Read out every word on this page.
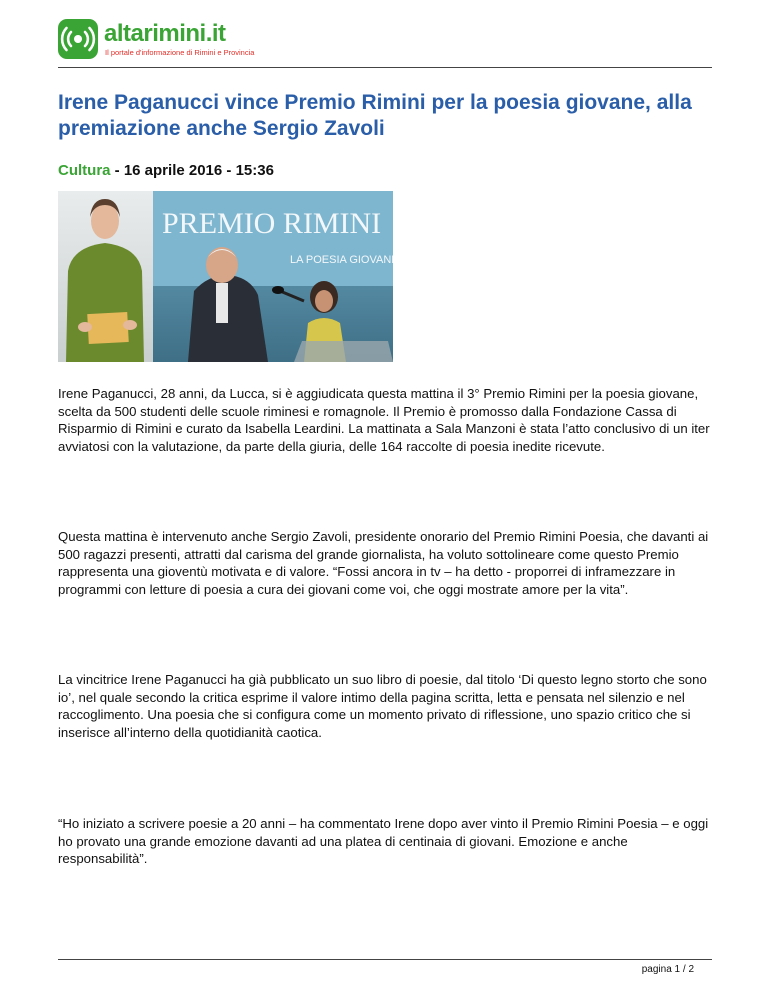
altarimini.it
Il portale d'informazione di Rimini e Provincia
Irene Paganucci vince Premio Rimini per la poesia giovane, alla premiazione anche Sergio Zavoli

Cultura - 16 aprile 2016 - 15:36

PREMIO RIMINI
LA POESIA GIOVANE

Irene Paganucci, 28 anni, da Lucca, si è aggiudicata questa mattina il 3° Premio Rimini per la poesia giovane, scelta da 500 studenti delle scuole riminesi e romagnole. Il Premio è promosso dalla Fondazione Cassa di Risparmio di Rimini e curato da Isabella Leardini. La mattinata a Sala Manzoni è stata l’atto conclusivo di un iter avviatosi con la valutazione, da parte della giuria, delle 164 raccolte di poesia inedite ricevute.

Questa mattina è intervenuto anche Sergio Zavoli, presidente onorario del Premio Rimini Poesia, che davanti ai 500 ragazzi presenti, attratti dal carisma del grande giornalista, ha voluto sottolineare come questo Premio rappresenta una gioventù motivata e di valore. “Fossi ancora in tv – ha detto - proporrei di inframezzare in programmi con letture di poesia a cura dei giovani come voi, che oggi mostrate amore per la vita”.

La vincitrice Irene Paganucci ha già pubblicato un suo libro di poesie, dal titolo ‘Di questo legno storto che sono io’, nel quale secondo la critica esprime il valore intimo della pagina scritta, letta e pensata nel silenzio e nel raccoglimento. Una poesia che si configura come un momento privato di riflessione, uno spazio critico che si inserisce all’interno della quotidianità caotica.

“Ho iniziato a scrivere poesie a 20 anni – ha commentato Irene dopo aver vinto il Premio Rimini Poesia – e oggi ho provato una grande emozione davanti ad una platea di centinaia di giovani. Emozione e anche responsabilità”.

pagina 1 / 2
